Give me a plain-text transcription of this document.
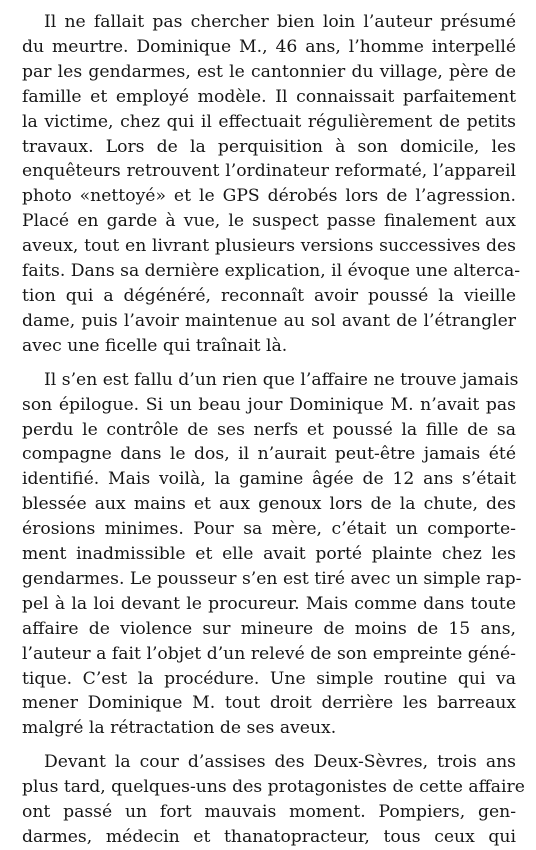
Il ne fallait pas chercher bien loin l’auteur présumé
du meurtre. Dominique M., 46 ans, l’homme interpellé
par les gendarmes, est le cantonnier du village, père de
famille et employé modèle. Il connaissait parfaitement
la victime, chez qui il effectuait régulièrement de petits
travaux. Lors de la perquisition à son domicile, les
enquêteurs retrouvent l’ordinateur reformaté, l’appareil
photo «nettoyé» et le GPS dérobés lors de l’agression.
Placé en garde à vue, le suspect passe finalement aux
aveux, tout en livrant plusieurs versions successives des
faits. Dans sa dernière explication, il évoque une alterca-
tion qui a dégénéré, reconnaît avoir poussé la vieille
dame, puis l’avoir maintenue au sol avant de l’étrangler
avec une ficelle qui traînait là.

Il s’en est fallu d’un rien que l’affaire ne trouve jamais
son épilogue. Si un beau jour Dominique M. n’avait pas
perdu le contrôle de ses nerfs et poussé la fille de sa
compagne dans le dos, il n’aurait peut-être jamais été
identifié. Mais voilà, la gamine âgée de 12 ans s’était
blessée aux mains et aux genoux lors de la chute, des
érosions minimes. Pour sa mère, c’était un comporte-
ment inadmissible et elle avait porté plainte chez les
gendarmes. Le pousseur s’en est tiré avec un simple rap-
pel à la loi devant le procureur. Mais comme dans toute
affaire de violence sur mineure de moins de 15 ans,
l’auteur a fait l’objet d’un relevé de son empreinte géné-
tique. C’est la procédure. Une simple routine qui va
mener Dominique M. tout droit derrière les barreaux
malgré la rétractation de ses aveux.

Devant la cour d’assises des Deux-Sèvres, trois ans
plus tard, quelques-uns des protagonistes de cette affaire
ont passé un fort mauvais moment. Pompiers, gen-
darmes, médecin et thanatopracteur, tous ceux qui
